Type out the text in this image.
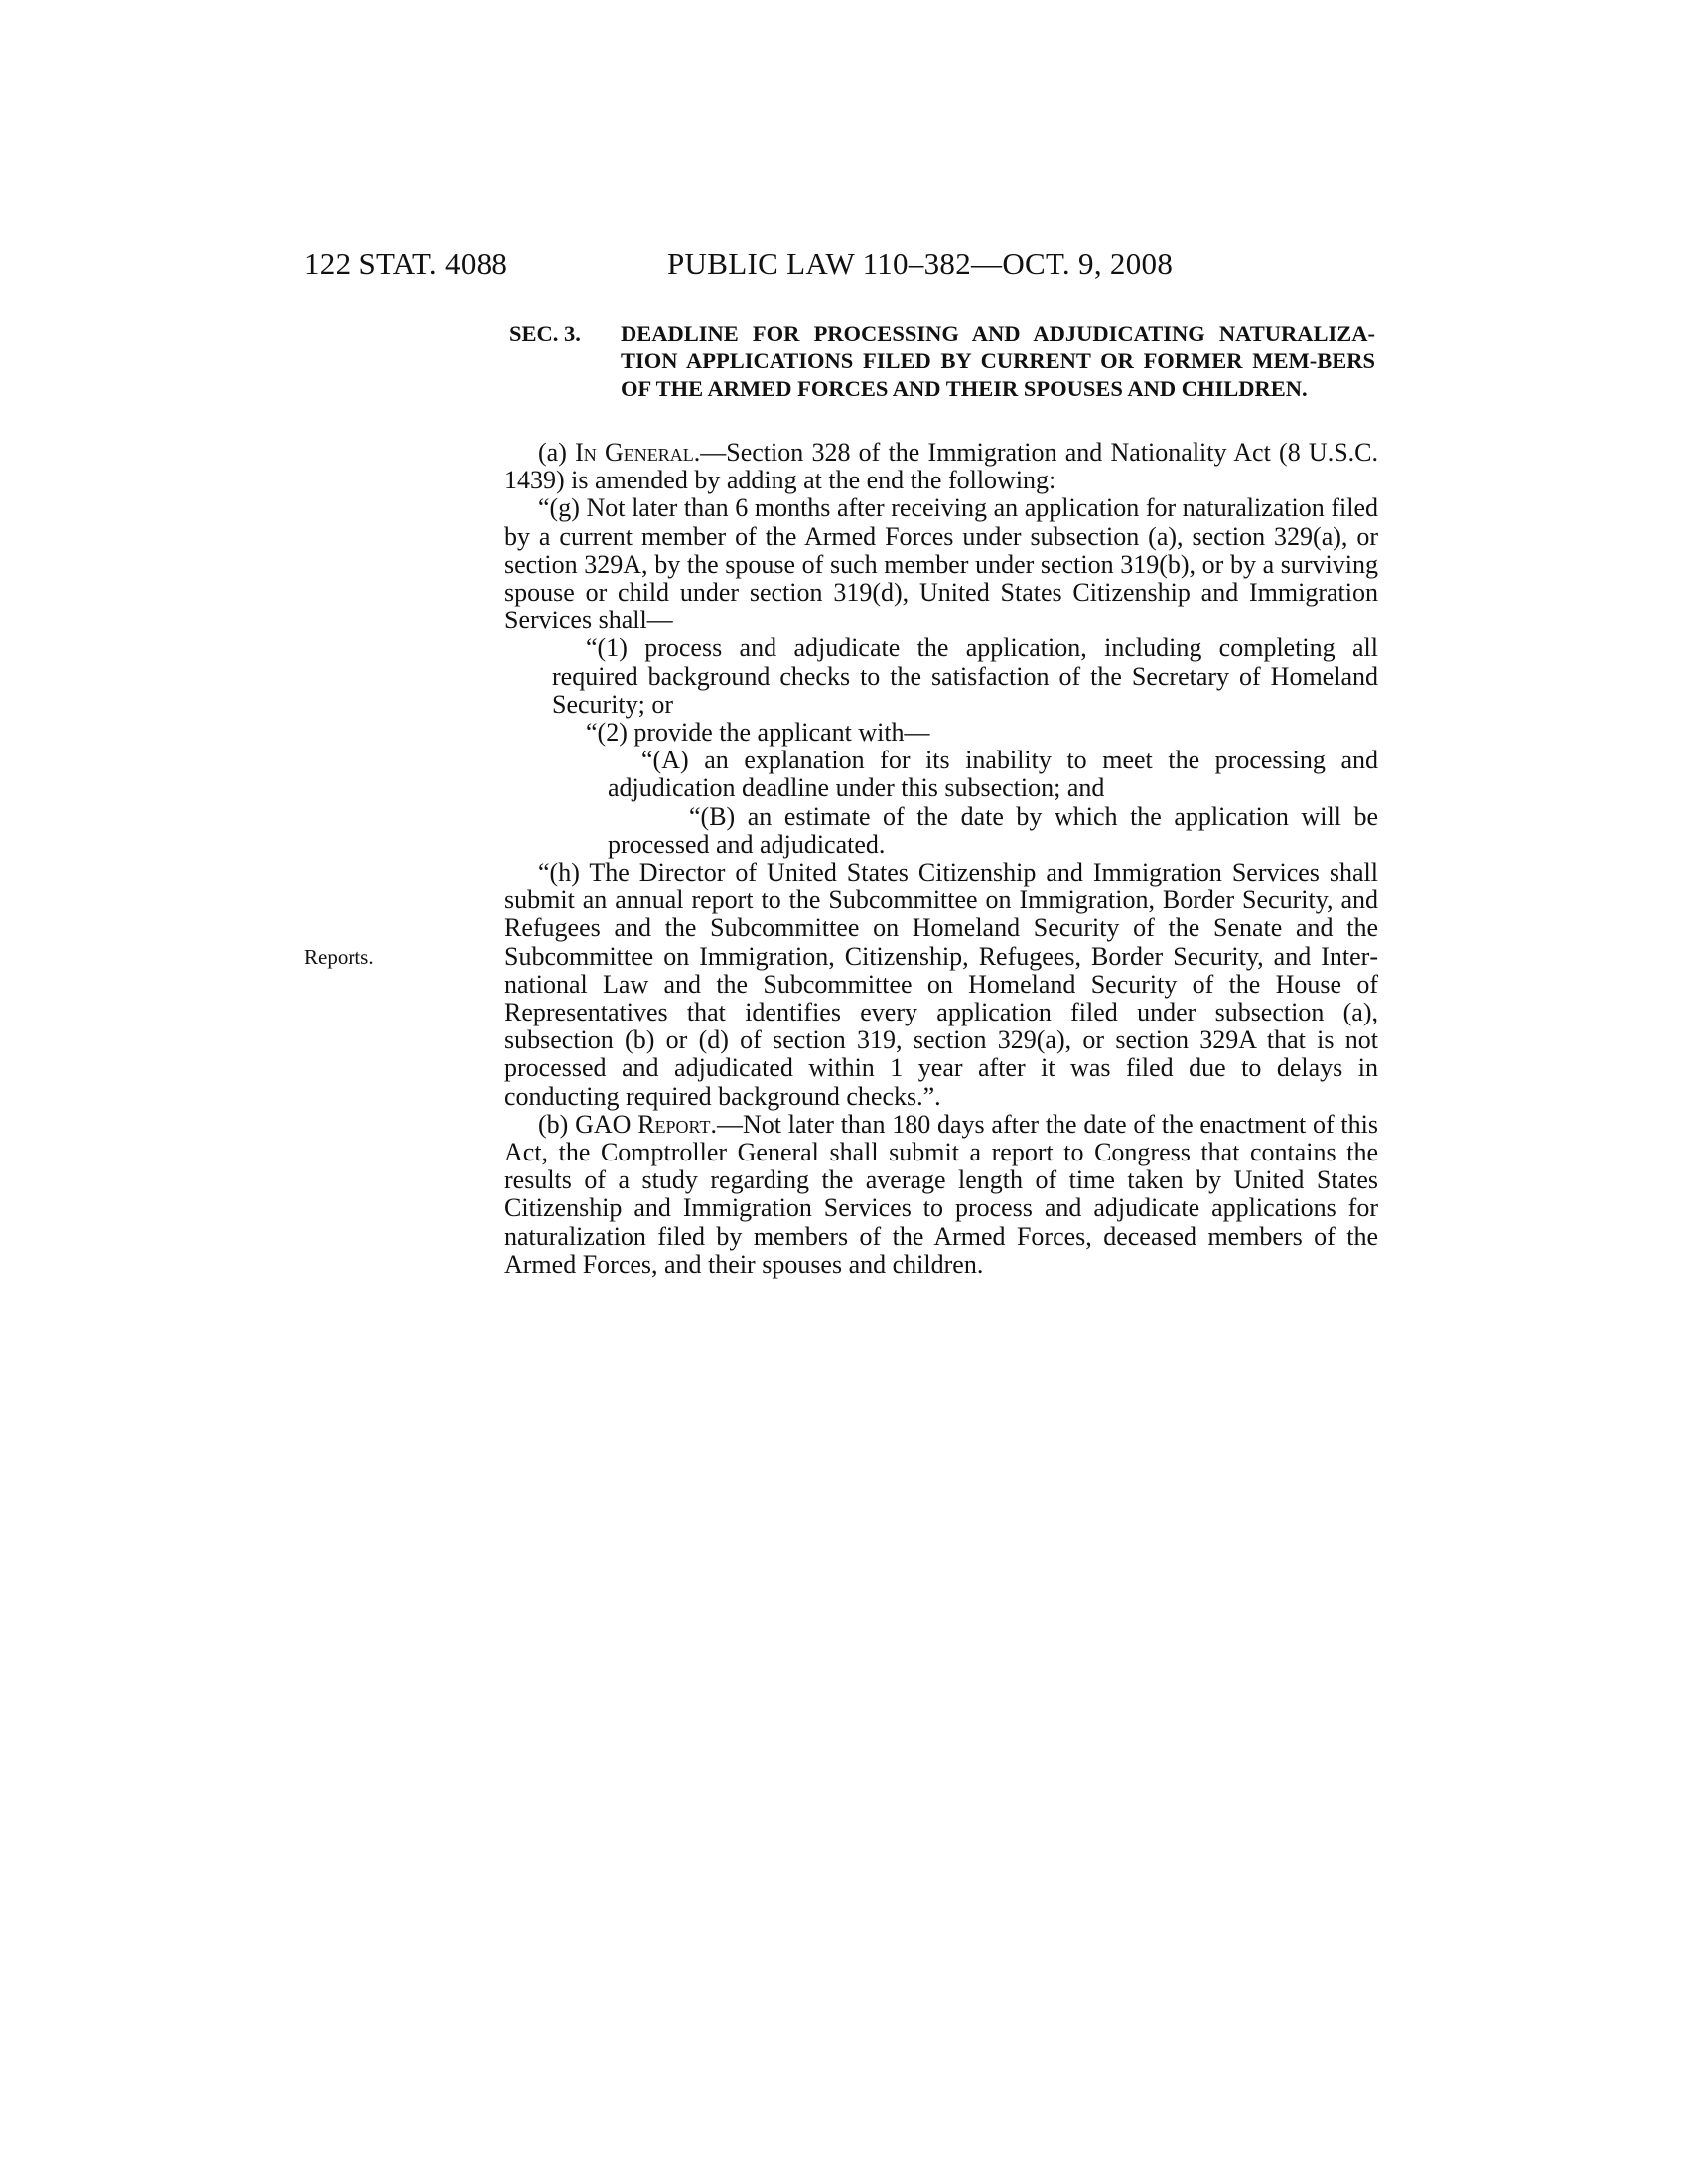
122 STAT. 4088	PUBLIC LAW 110–382—OCT. 9, 2008
SEC. 3.	DEADLINE FOR PROCESSING AND ADJUDICATING NATURALIZA-TION APPLICATIONS FILED BY CURRENT OR FORMER MEM-BERS OF THE ARMED FORCES AND THEIR SPOUSES AND CHILDREN.
Reports.

(a) In General.—Section 328 of the Immigration and Nationality Act (8 U.S.C. 1439) is amended by adding at the end the following:

“(g) Not later than 6 months after receiving an application for naturalization filed by a current member of the Armed Forces under subsection (a), section 329(a), or section 329A, by the spouse of such member under section 319(b), or by a surviving spouse or child under section 319(d), United States Citizenship and Immigration Services shall—

“(1) process and adjudicate the application, including completing all required background checks to the satisfaction of the Secretary of Homeland Security; or

“(2) provide the applicant with—

“(A) an explanation for its inability to meet the processing and adjudication deadline under this subsection; and

“(B) an estimate of the date by which the application will be processed and adjudicated.

“(h) The Director of United States Citizenship and Immigration Services shall submit an annual report to the Subcommittee on Immigration, Border Security, and Refugees and the Subcommittee on Homeland Security of the Senate and the Subcommittee on Immigration, Citizenship, Refugees, Border Security, and International Law and the Subcommittee on Homeland Security of the House of Representatives that identifies every application filed under subsection (a), subsection (b) or (d) of section 319, section 329(a), or section 329A that is not processed and adjudicated within 1 year after it was filed due to delays in conducting required background checks.”.

(b) GAO Report.—Not later than 180 days after the date of the enactment of this Act, the Comptroller General shall submit a report to Congress that contains the results of a study regarding the average length of time taken by United States Citizenship and Immigration Services to process and adjudicate applications for naturalization filed by members of the Armed Forces, deceased members of the Armed Forces, and their spouses and children.
